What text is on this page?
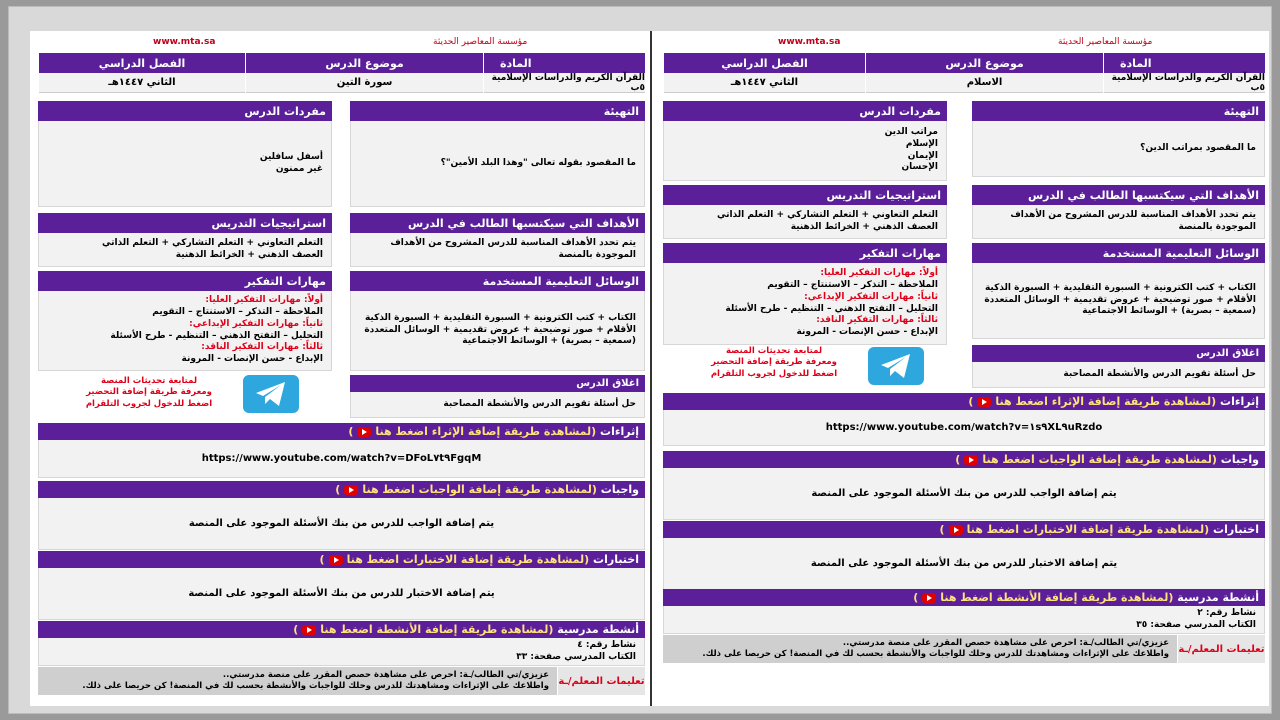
www.mta.sa	مؤسسة المعاصير الحديثة
المادة
القرآن الكريم والدراسات الإسلامية ٥ب
موضوع الدرس
سورة التين
الفصل الدراسي
الثاني ١٤٤٧هـ
التهيئة
ما المقصود بقوله تعالى "وهذا البلد الأمين"؟
مفردات الدرس
أسفل سافلين
غير ممنون
الأهداف التي سيكتسبها الطالب في الدرس
يتم تحدد الأهداف المناسبة للدرس المشروح من الأهداف الموجودة بالمنصة
استراتيجيات التدريس
التعلم التعاوني + التعلم التشاركي + التعلم الذاتي
العصف الذهني + الخرائط الذهنية
الوسائل التعليمية المستخدمة
الكتاب + كتب الكترونية + السبورة التقليدية + السبورة الذكية الأقلام + صور توضيحية + عروض تقديمية + الوسائل المتعددة (سمعية – بصرية) + الوسائط الاجتماعية
مهارات التفكير
أولاً: مهارات التفكير العليا:
الملاحظة – التذكر – الاستنتاج – التقويم
ثانياً: مهارات التفكير الإبداعي:
التحليل – التفتح الذهني – التنظيم - طرح الأسئلة
ثالثاً: مهارات التفكير الناقد:
الإبداع - حسن الإنصات - المرونة
اغلاق الدرس
حل أسئلة تقويم الدرس والأنشطة المصاحبة
لمتابعة تحديثات المنصة
ومعرفة طريقة إضافة التحضير
اضغط للدخول لجروب التلقرام
إثراءات

(لمشاهدة طريقة إضافة الإثراء اضغط هنا)
https://www.youtube.com/watch?v=DFoL٧t٩FgqM
واجبات

(لمشاهدة طريقة إضافة الواجبات اضغط هنا)
يتم إضافة الواجب للدرس من بنك الأسئلة الموجود على المنصة
اختبارات

(لمشاهدة طريقة إضافة الاختبارات اضغط هنا)
يتم إضافة الاختبار للدرس من بنك الأسئلة الموجود على المنصة
أنشطة مدرسية

(لمشاهدة طريقة إضافة الأنشطة اضغط هنا)
نشاط رقم: ٤
الكتاب المدرسي صفحة: ٣٣
تعليمات المعلم/ـة
عزيزي/تي الطالب/ـة: احرص على مشاهدة حصص المقرر على منصة مدرستي..
واطلاعك على الإثراءات ومشاهدتك للدرس وحلك للواجبات والأنشطة بحسب لك في المنصة! كن حريصا على ذلك.
www.mta.sa	مؤسسة المعاصير الحديثة
المادة
القرآن الكريم والدراسات الإسلامية ٥ب
موضوع الدرس
الاسلام
الفصل الدراسي
الثاني ١٤٤٧هـ
التهيئة
ما المقصود بمراتب الدين؟
مفردات الدرس
مراتب الدين
الإسلام
الإيمان
الإحسان
الأهداف التي سيكتسبها الطالب في الدرس
يتم تحدد الأهداف المناسبة للدرس المشروح من الأهداف الموجودة بالمنصة
استراتيجيات التدريس
التعلم التعاوني + التعلم التشاركي + التعلم الذاتي
العصف الذهني + الخرائط الذهنية
الوسائل التعليمية المستخدمة
الكتاب + كتب الكترونية + السبورة التقليدية + السبورة الذكية الأقلام + صور توضيحية + عروض تقديمية + الوسائل المتعددة (سمعية – بصرية) + الوسائط الاجتماعية
مهارات التفكير
أولاً: مهارات التفكير العليا:
الملاحظة – التذكر – الاستنتاج – التقويم
ثانياً: مهارات التفكير الإبداعي:
التحليل – التفتح الذهني – التنظيم - طرح الأسئلة
ثالثاً: مهارات التفكير الناقد:
الإبداع - حسن الإنصات - المرونة
اغلاق الدرس
حل أسئلة تقويم الدرس والأنشطة المصاحبة
لمتابعة تحديثات المنصة
ومعرفة طريقة إضافة التحضير
اضغط للدخول لجروب التلقرام
إثراءات

(لمشاهدة طريقة إضافة الإثراء اضغط هنا)
https://www.youtube.com/watch?v=١s٩XL٩uRzdo
واجبات

(لمشاهدة طريقة إضافة الواجبات اضغط هنا)
يتم إضافة الواجب للدرس من بنك الأسئلة الموجود على المنصة
اختبارات

(لمشاهدة طريقة إضافة الاختبارات اضغط هنا)
يتم إضافة الاختبار للدرس من بنك الأسئلة الموجود على المنصة
أنشطة مدرسية

(لمشاهدة طريقة إضافة الأنشطة اضغط هنا)
نشاط رقم: ٢
الكتاب المدرسي صفحة: ٣٥
تعليمات المعلم/ـة
عزيزي/تي الطالب/ـة: احرص على مشاهدة حصص المقرر على منصة مدرستي..
واطلاعك على الإثراءات ومشاهدتك للدرس وحلك للواجبات والأنشطة بحسب لك في المنصة! كن حريصا على ذلك.
